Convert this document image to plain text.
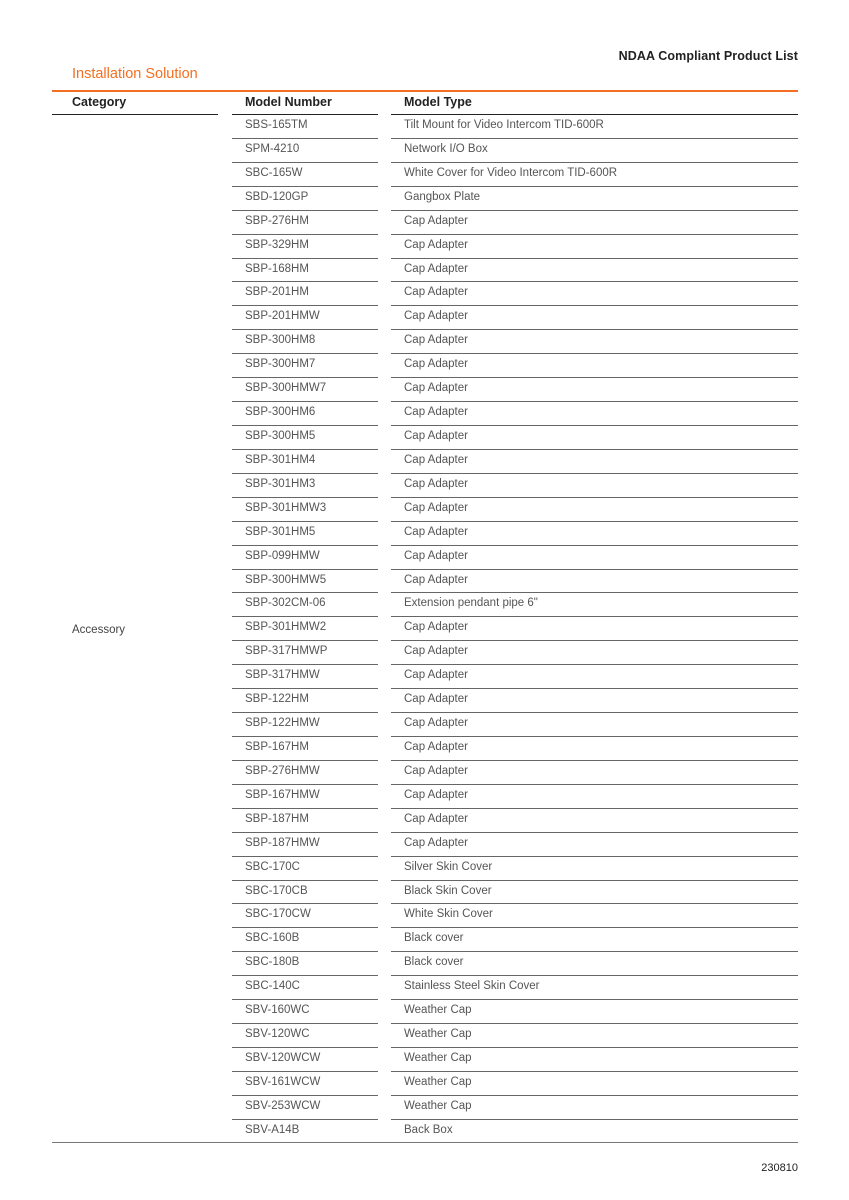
NDAA Compliant Product List
Installation Solution
Category	Model Number	Model Type
SBS-165TM	Tilt Mount for Video Intercom TID-600R
SPM-4210	Network I/O Box
SBC-165W	White Cover for Video Intercom TID-600R
SBD-120GP	Gangbox Plate
SBP-276HM	Cap Adapter
SBP-329HM	Cap Adapter
SBP-168HM	Cap Adapter
SBP-201HM	Cap Adapter
SBP-201HMW	Cap Adapter
SBP-300HM8	Cap Adapter
SBP-300HM7	Cap Adapter
SBP-300HMW7	Cap Adapter
SBP-300HM6	Cap Adapter
SBP-300HM5	Cap Adapter
SBP-301HM4	Cap Adapter
SBP-301HM3	Cap Adapter
SBP-301HMW3	Cap Adapter
SBP-301HM5	Cap Adapter
SBP-099HMW	Cap Adapter
SBP-300HMW5	Cap Adapter
SBP-302CM-06	Extension pendant pipe 6"
SBP-301HMW2	Cap Adapter
SBP-317HMWP	Cap Adapter
SBP-317HMW	Cap Adapter
SBP-122HM	Cap Adapter
SBP-122HMW	Cap Adapter
SBP-167HM	Cap Adapter
SBP-276HMW	Cap Adapter
SBP-167HMW	Cap Adapter
SBP-187HM	Cap Adapter
SBP-187HMW	Cap Adapter
SBC-170C	Silver Skin Cover
SBC-170CB	Black Skin Cover
SBC-170CW	White Skin Cover
SBC-160B	Black cover
SBC-180B	Black cover
SBC-140C	Stainless Steel Skin Cover
SBV-160WC	Weather Cap
SBV-120WC	Weather Cap
SBV-120WCW	Weather Cap
SBV-161WCW	Weather Cap
SBV-253WCW	Weather Cap
SBV-A14B	Back Box
Accessory
230810
